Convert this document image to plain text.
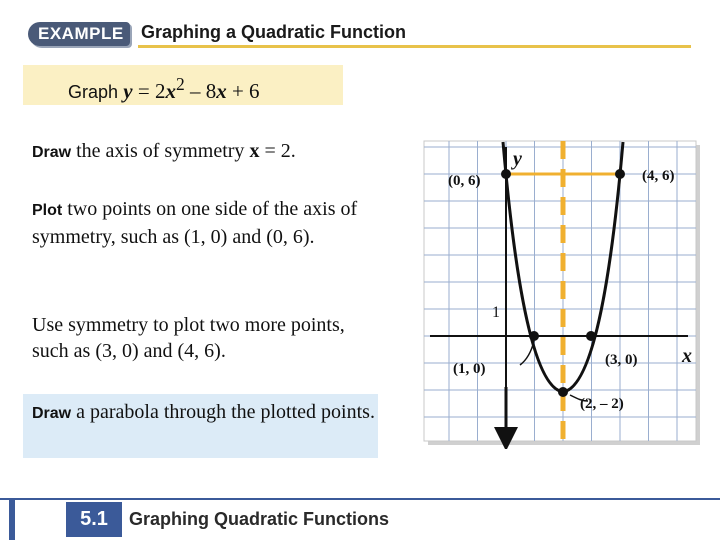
EXAMPLE Graphing a Quadratic Function
Graph $y = 2x^2 - 8x + 6$
Draw the axis of symmetry x = 2.
Plot two points on one side of the axis of symmetry, such as (1, 0) and (0, 6).
Use symmetry to plot two more points, such as (3, 0) and (4, 6).
Draw a parabola through the plotted points.
y
x
1
(0, 6)	(4, 6)
(1, 0)
(3, 0)
(2, – 2)
5.1	Graphing Quadratic Functions
